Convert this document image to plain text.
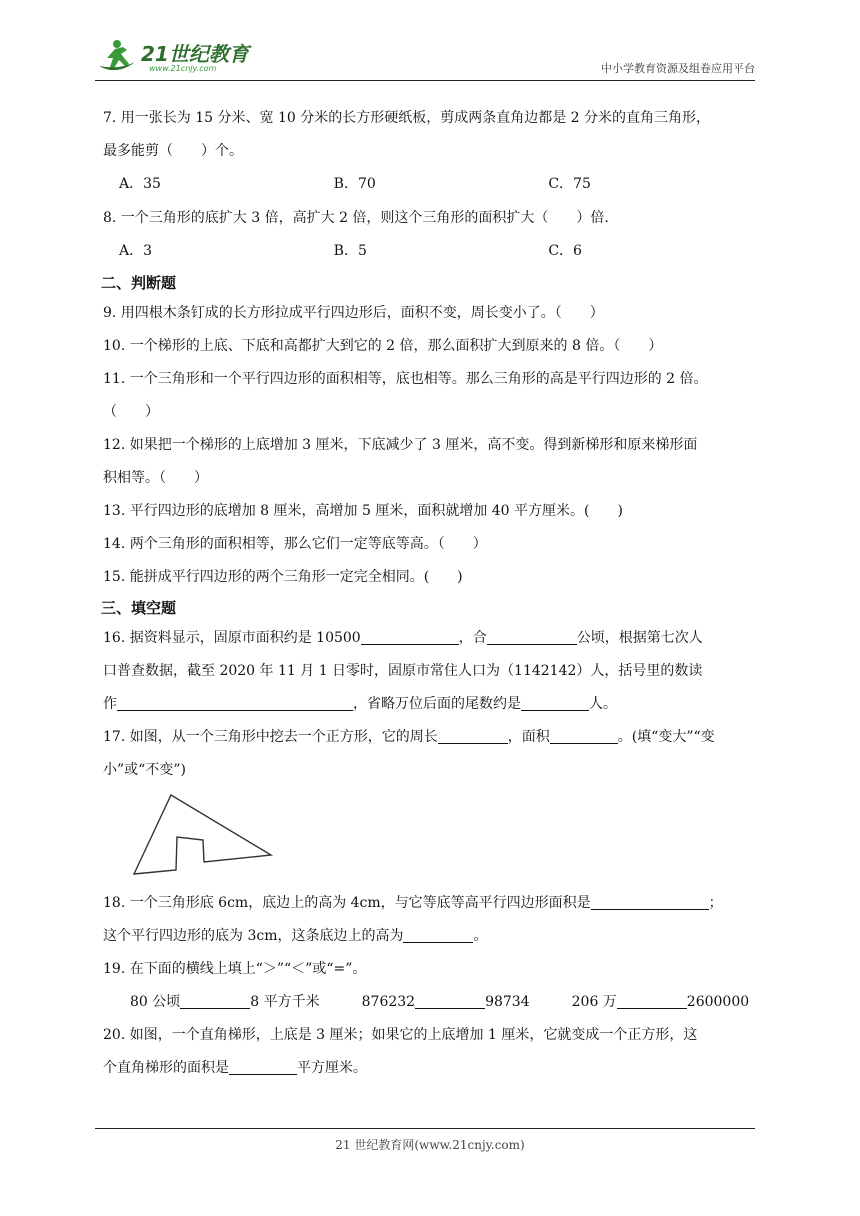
21世纪教育
www.21cnjy.com	中小学教育资源及组卷应用平台
7. 用一张长为 15 分米、宽 10 分米的长方形硬纸板，剪成两条直角边都是 2 分米的直角三角形，
最多能剪（　　）个。
A．35	B．70	C．75
8. 一个三角形的底扩大 3 倍，高扩大 2 倍，则这个三角形的面积扩大（　　）倍.
A．3	B．5	C．6
二、判断题
9. 用四根木条钉成的长方形拉成平行四边形后，面积不变，周长变小了。（　　）
10. 一个梯形的上底、下底和高都扩大到它的 2 倍，那么面积扩大到原来的 8 倍。（　　）
11. 一个三角形和一个平行四边形的面积相等，底也相等。那么三角形的高是平行四边形的 2 倍。
（　　）
12. 如果把一个梯形的上底增加 3 厘米，下底减少了 3 厘米，高不变。得到新梯形和原来梯形面
积相等。（　　）
13. 平行四边形的底增加 8 厘米，高增加 5 厘米，面积就增加 40 平方厘米。(　　)
14. 两个三角形的面积相等，那么它们一定等底等高。（　　）
15. 能拼成平行四边形的两个三角形一定完全相同。(　　)
三、填空题
16. 据资料显示，固原市面积约是 10500	，合	公顷，根据第七次人
口普查数据，截至 2020 年 11 月 1 日零时，固原市常住人口为（1142142）人，括号里的数读
作	，省略万位后面的尾数约是	人。
17. 如图，从一个三角形中挖去一个正方形，它的周长	，面积	。(填“变大”“变
小”或“不变”)
18. 一个三角形底 6cm，底边上的高为 4cm，与它等底等高平行四边形面积是	；
这个平行四边形的底为 3cm，这条底边上的高为	。
19. 在下面的横线上填上“＞”“＜”或“=”。
80 公顷	8 平方千米	876232	98734	206 万	2600000
20. 如图，一个直角梯形，上底是 3 厘米；如果它的上底增加 1 厘米，它就变成一个正方形，这
个直角梯形的面积是	平方厘米。
21 世纪教育网(www.21cnjy.com)
